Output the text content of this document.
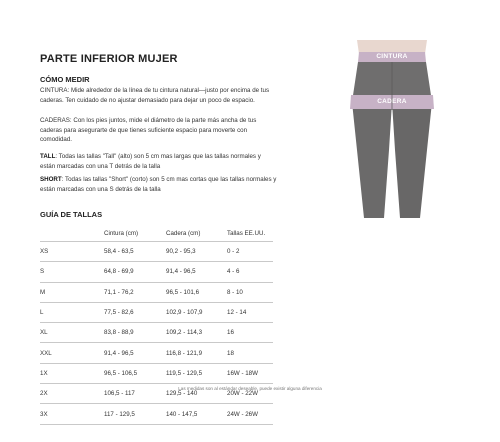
PARTE INFERIOR MUJER
CÓMO MEDIR
CINTURA: Mide alrededor de la línea de tu cintura natural—justo por encima de tus caderas. Ten cuidado de no ajustar demasiado para dejar un poco de espacio.
CADERAS: Con los pies juntos, mide el diámetro de la parte más ancha de tus caderas para asegurarte de que tienes suficiente espacio para moverte con comodidad.
TALL: Todas las tallas "Tall" (alto) son 5 cm mas largas que las tallas normales y están marcadas con una T detrás de la talla
SHORT: Todas las tallas "Short" (corto) son 5 cm mas cortas que las tallas normales y están marcadas con una S detrás de la talla
CINTURA
CADERA
GUÍA DE TALLAS
	Cintura (cm)	Cadera (cm)	Tallas EE.UU.
XS	58,4 - 63,5	90,2 - 95,3	0 - 2
S	64,8 - 69,9	91,4 - 96,5	4 - 6
M	71,1 - 76,2	96,5 - 101,6	8 - 10
L	77,5 - 82,6	102,9 - 107,9	12 - 14
XL	83,8 - 88,9	109,2 - 114,3	16
XXL	91,4 - 96,5	116,8 - 121,9	18
1X	96,5 - 106,5	119,5 - 129,5	16W - 18W
2X	106,5 - 117	129,5 - 140	20W - 22W
3X	117 - 129,5	140 - 147,5	24W - 26W
Las medidas son al estándar deseable, puede existir alguna diferencia
